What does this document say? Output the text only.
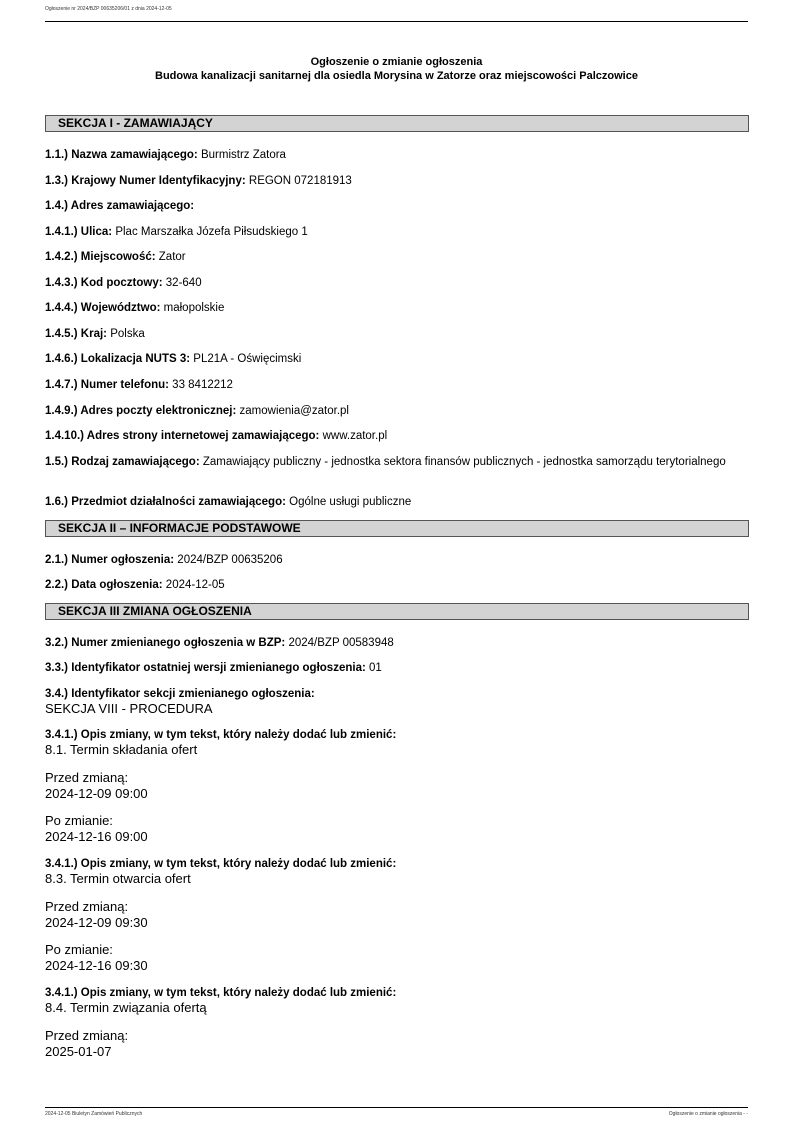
Ogłoszenie nr 2024/BZP 00635206/01 z dnia 2024-12-05
Ogłoszenie o zmianie ogłoszenia
Budowa kanalizacji sanitarnej dla osiedla Morysina w Zatorze oraz miejscowości Palczowice
SEKCJA I - ZAMAWIAJĄCY
1.1.) Nazwa zamawiającego: Burmistrz Zatora
1.3.) Krajowy Numer Identyfikacyjny: REGON 072181913
1.4.) Adres zamawiającego:
1.4.1.) Ulica: Plac Marszałka Józefa Piłsudskiego 1
1.4.2.) Miejscowość: Zator
1.4.3.) Kod pocztowy: 32-640
1.4.4.) Województwo: małopolskie
1.4.5.) Kraj: Polska
1.4.6.) Lokalizacja NUTS 3: PL21A - Oświęcimski
1.4.7.) Numer telefonu: 33 8412212
1.4.9.) Adres poczty elektronicznej: zamowienia@zator.pl
1.4.10.) Adres strony internetowej zamawiającego: www.zator.pl
1.5.) Rodzaj zamawiającego: Zamawiający publiczny - jednostka sektora finansów publicznych - jednostka samorządu terytorialnego
1.6.) Przedmiot działalności zamawiającego: Ogólne usługi publiczne
SEKCJA II – INFORMACJE PODSTAWOWE
2.1.) Numer ogłoszenia: 2024/BZP 00635206
2.2.) Data ogłoszenia: 2024-12-05
SEKCJA III ZMIANA OGŁOSZENIA
3.2.) Numer zmienianego ogłoszenia w BZP: 2024/BZP 00583948
3.3.) Identyfikator ostatniej wersji zmienianego ogłoszenia: 01
3.4.) Identyfikator sekcji zmienianego ogłoszenia:
SEKCJA VIII - PROCEDURA
3.4.1.) Opis zmiany, w tym tekst, który należy dodać lub zmienić:
8.1. Termin składania ofert
Przed zmianą:
2024-12-09 09:00
Po zmianie:
2024-12-16 09:00
3.4.1.) Opis zmiany, w tym tekst, który należy dodać lub zmienić:
8.3. Termin otwarcia ofert
Przed zmianą:
2024-12-09 09:30
Po zmianie:
2024-12-16 09:30
3.4.1.) Opis zmiany, w tym tekst, który należy dodać lub zmienić:
8.4. Termin związania ofertą
Przed zmianą:
2025-01-07
2024-12-05 Biuletyn Zamówień Publicznych	Ogłoszenie o zmianie ogłoszenia - -
